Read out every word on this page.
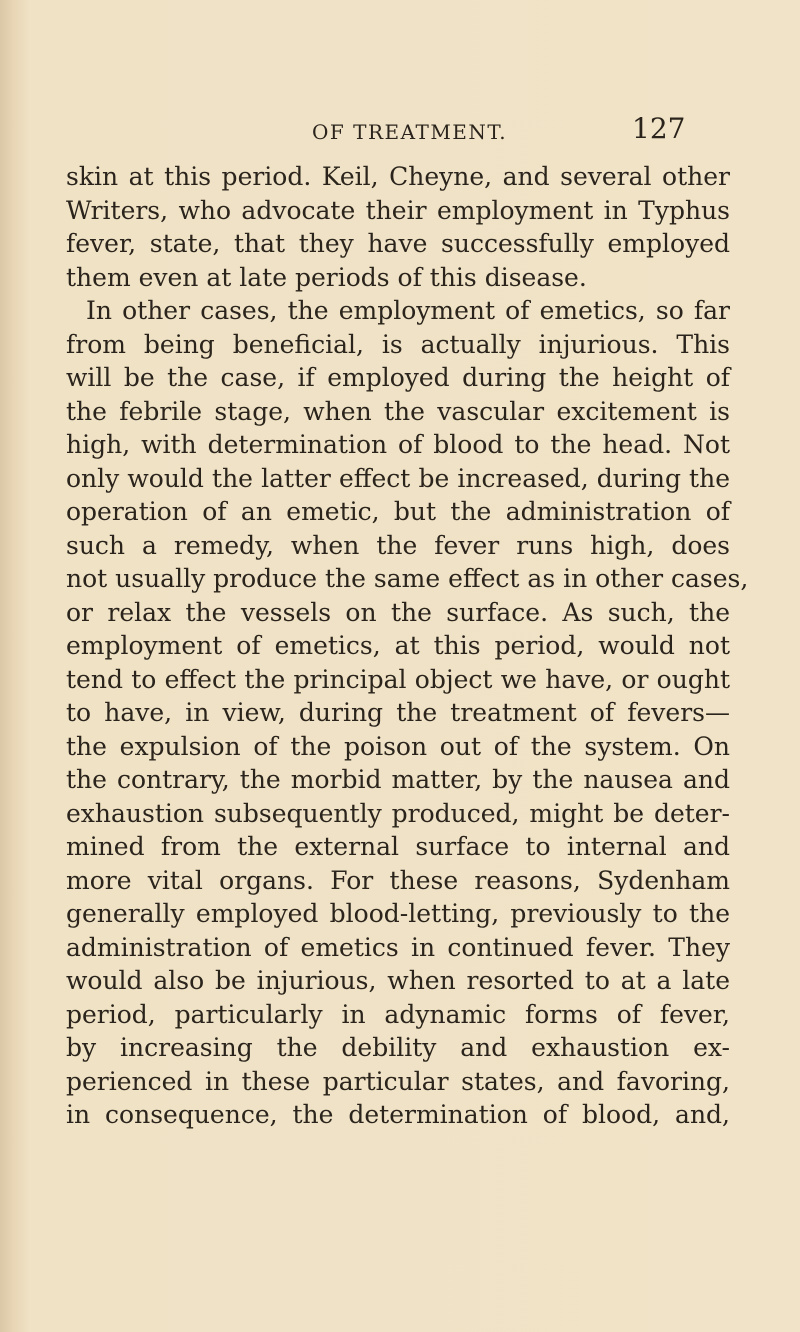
OF TREATMENT.	127
skin at this period. Keil, Cheyne, and several other
Writers, who advocate their employment in Typhus
fever, state, that they have successfully employed
them even at late periods of this disease.
In other cases, the employment of emetics, so far
from being beneficial, is actually injurious. This
will be the case, if employed during the height of
the febrile stage, when the vascular excitement is
high, with determination of blood to the head. Not
only would the latter effect be increased, during the
operation of an emetic, but the administration of
such a remedy, when the fever runs high, does
not usually produce the same effect as in other cases,
or relax the vessels on the surface. As such, the
employment of emetics, at this period, would not
tend to effect the principal object we have, or ought
to have, in view, during the treatment of fevers—
the expulsion of the poison out of the system. On
the contrary, the morbid matter, by the nausea and
exhaustion subsequently produced, might be deter-
mined from the external surface to internal and
more vital organs. For these reasons, Sydenham
generally employed blood-letting, previously to the
administration of emetics in continued fever. They
would also be injurious, when resorted to at a late
period, particularly in adynamic forms of fever,
by increasing the debility and exhaustion ex-
perienced in these particular states, and favoring,
in consequence, the determination of blood, and,
